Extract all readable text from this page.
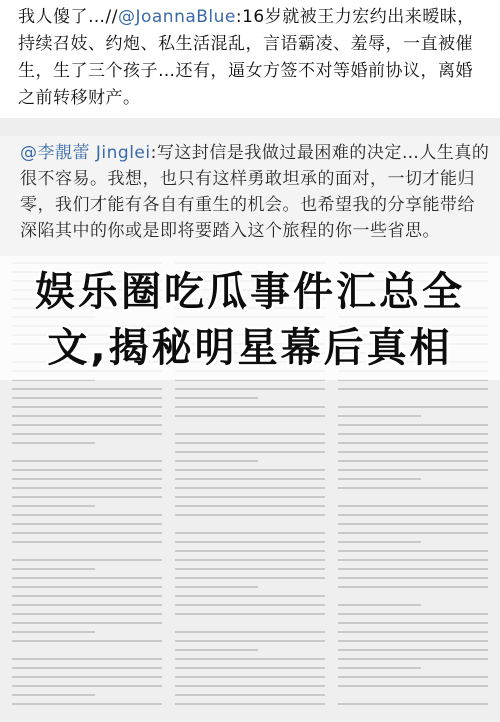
我人傻了…//@JoannaBlue:16岁就被王力宏约出来暧昧，持续召妓、约炮、私生活混乱，言语霸凌、羞辱，一直被催生，生了三个孩子…还有，逼女方签不对等婚前协议，离婚之前转移财产。
@李靚蕾 Jinglei:写这封信是我做过最困难的决定…人生真的很不容易。我想，也只有这样勇敢坦承的面对，一切才能归零，我们才能有各自有重生的机会。也希望我的分享能带给深陷其中的你或是即将要踏入这个旅程的你一些省思。
娱乐圈吃瓜事件汇总全
文,揭秘明星幕后真相
